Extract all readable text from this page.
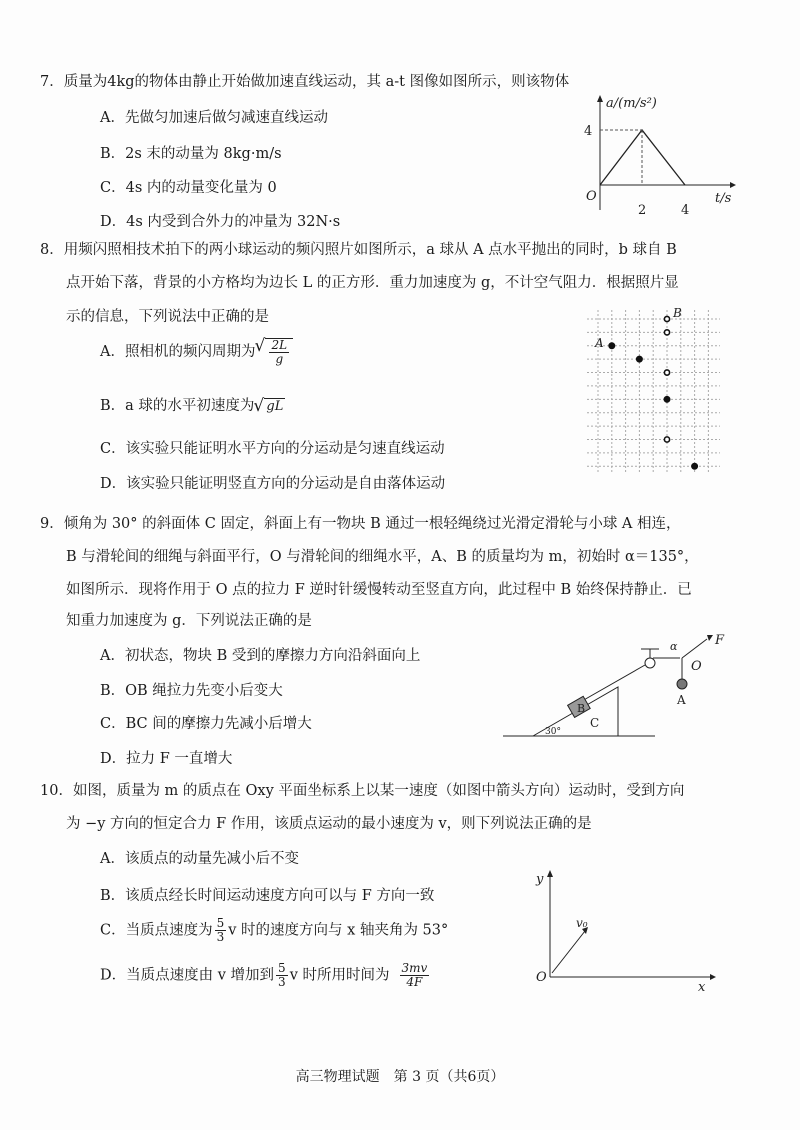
7．质量为4kg的物体由静止开始做加速直线运动，其 a-t 图像如图所示，则该物体
A．先做匀加速后做匀减速直线运动
B．2s 末的动量为 8kg·m/s
C．4s 内的动量变化量为 0
D．4s 内受到合外力的冲量为 32N·s
a/(m/s²)
4
O
2	4
t/s
8．用频闪照相技术拍下的两小球运动的频闪照片如图所示，a 球从 A 点水平抛出的同时，b 球自 B
点开始下落，背景的小方格均为边长 L 的正方形．重力加速度为 g，不计空气阻力．根据照片显
示的信息，下列说法中正确的是
A．照相机的频闪周期为 √ $\frac{2L}{g}$
B．a 球的水平初速度为 √ gL
C．该实验只能证明水平方向的分运动是匀速直线运动
D．该实验只能证明竖直方向的分运动是自由落体运动
A
B
9．倾角为 30° 的斜面体 C 固定，斜面上有一物块 B 通过一根轻绳绕过光滑定滑轮与小球 A 相连，
B 与滑轮间的细绳与斜面平行，O 与滑轮间的细绳水平，A、B 的质量均为 m，初始时 α＝135°，
如图所示．现将作用于 O 点的拉力 F 逆时针缓慢转动至竖直方向，此过程中 B 始终保持静止．已
知重力加速度为 g．下列说法正确的是
A．初状态，物块 B 受到的摩擦力方向沿斜面向上
B．OB 绳拉力先变小后变大
C．BC 间的摩擦力先减小后增大
D．拉力 F 一直增大
α	F
O
A
B
C
30°
10．如图，质量为 m 的质点在 Oxy 平面坐标系上以某一速度（如图中箭头方向）运动时，受到方向
为 −y 方向的恒定合力 F 作用，该质点运动的最小速度为 v，则下列说法正确的是
A．该质点的动量先减小后不变
B．该质点经长时间运动速度方向可以与 F 方向一致
C．当质点速度为 $\frac{5}{3}$ v 时的速度方向与 x 轴夹角为 53°
D．当质点速度由 v 增加到 $\frac{5}{3}$ v 时所用时间为 $\frac{3mv}{4F}$
y
x
O
v₀
高三物理试题　第 3 页（共6页）
